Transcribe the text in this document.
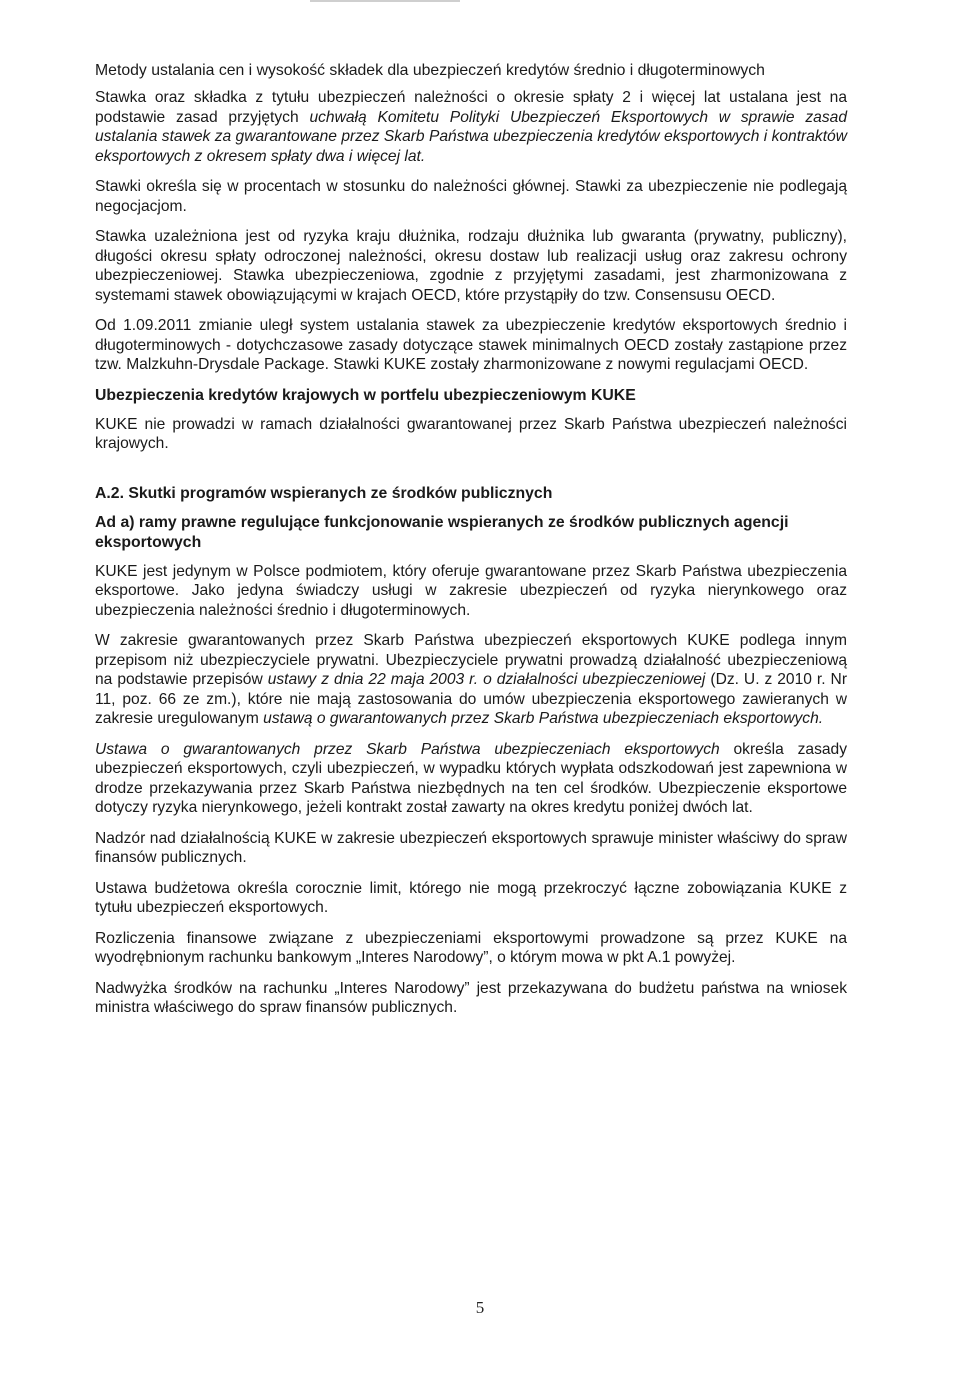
Metody ustalania cen i wysokość składek dla ubezpieczeń kredytów średnio i długoterminowych

Stawka oraz składka z tytułu ubezpieczeń należności o okresie spłaty 2 i więcej lat ustalana jest na podstawie zasad przyjętych uchwałą Komitetu Polityki Ubezpieczeń Eksportowych w sprawie zasad ustalania stawek za gwarantowane przez Skarb Państwa ubezpieczenia kredytów eksportowych i kontraktów eksportowych z okresem spłaty dwa i więcej lat.

Stawki określa się w procentach w stosunku do należności głównej. Stawki za ubezpieczenie nie podlegają negocjacjom.

Stawka uzależniona jest od ryzyka kraju dłużnika, rodzaju dłużnika lub gwaranta (prywatny, publiczny), długości okresu spłaty odroczonej należności, okresu dostaw lub realizacji usług oraz zakresu ochrony ubezpieczeniowej. Stawka ubezpieczeniowa, zgodnie z przyjętymi zasadami, jest zharmonizowana z systemami stawek obowiązującymi w krajach OECD, które przystąpiły do tzw. Consensusu OECD.

Od 1.09.2011 zmianie uległ system ustalania stawek za ubezpieczenie kredytów eksportowych średnio i długoterminowych - dotychczasowe zasady dotyczące stawek minimalnych OECD zostały zastąpione przez tzw. Malzkuhn-Drysdale Package. Stawki KUKE zostały zharmonizowane z nowymi regulacjami OECD.

Ubezpieczenia kredytów krajowych w portfelu ubezpieczeniowym KUKE

KUKE nie prowadzi w ramach działalności gwarantowanej przez Skarb Państwa ubezpieczeń należności krajowych.

A.2. Skutki programów wspieranych ze środków publicznych
Ad a) ramy prawne regulujące funkcjonowanie wspieranych ze środków publicznych agencji eksportowych

KUKE jest jedynym w Polsce podmiotem, który oferuje gwarantowane przez Skarb Państwa ubezpieczenia eksportowe. Jako jedyna świadczy usługi w zakresie ubezpieczeń od ryzyka nierynkowego oraz ubezpieczenia należności średnio i długoterminowych.

W zakresie gwarantowanych przez Skarb Państwa ubezpieczeń eksportowych KUKE podlega innym przepisom niż ubezpieczyciele prywatni. Ubezpieczyciele prywatni prowadzą działalność ubezpieczeniową na podstawie przepisów ustawy z dnia 22 maja 2003 r. o działalności ubezpieczeniowej (Dz. U. z 2010 r. Nr 11, poz. 66 ze zm.), które nie mają zastosowania do umów ubezpieczenia eksportowego zawieranych w zakresie uregulowanym ustawą o gwarantowanych przez Skarb Państwa ubezpieczeniach eksportowych.

Ustawa o gwarantowanych przez Skarb Państwa ubezpieczeniach eksportowych określa zasady ubezpieczeń eksportowych, czyli ubezpieczeń, w wypadku których wypłata odszkodowań jest zapewniona w drodze przekazywania przez Skarb Państwa niezbędnych na ten cel środków. Ubezpieczenie eksportowe dotyczy ryzyka nierynkowego, jeżeli kontrakt został zawarty na okres kredytu poniżej dwóch lat.

Nadzór nad działalnością KUKE w zakresie ubezpieczeń eksportowych sprawuje minister właściwy do spraw finansów publicznych.

Ustawa budżetowa określa corocznie limit, którego nie mogą przekroczyć łączne zobowiązania KUKE z tytułu ubezpieczeń eksportowych.

Rozliczenia finansowe związane z ubezpieczeniami eksportowymi prowadzone są przez KUKE na wyodrębnionym rachunku bankowym „Interes Narodowy”, o którym mowa w pkt A.1 powyżej.

Nadwyżka środków na rachunku „Interes Narodowy” jest przekazywana do budżetu państwa na wniosek ministra właściwego do spraw finansów publicznych.

5
